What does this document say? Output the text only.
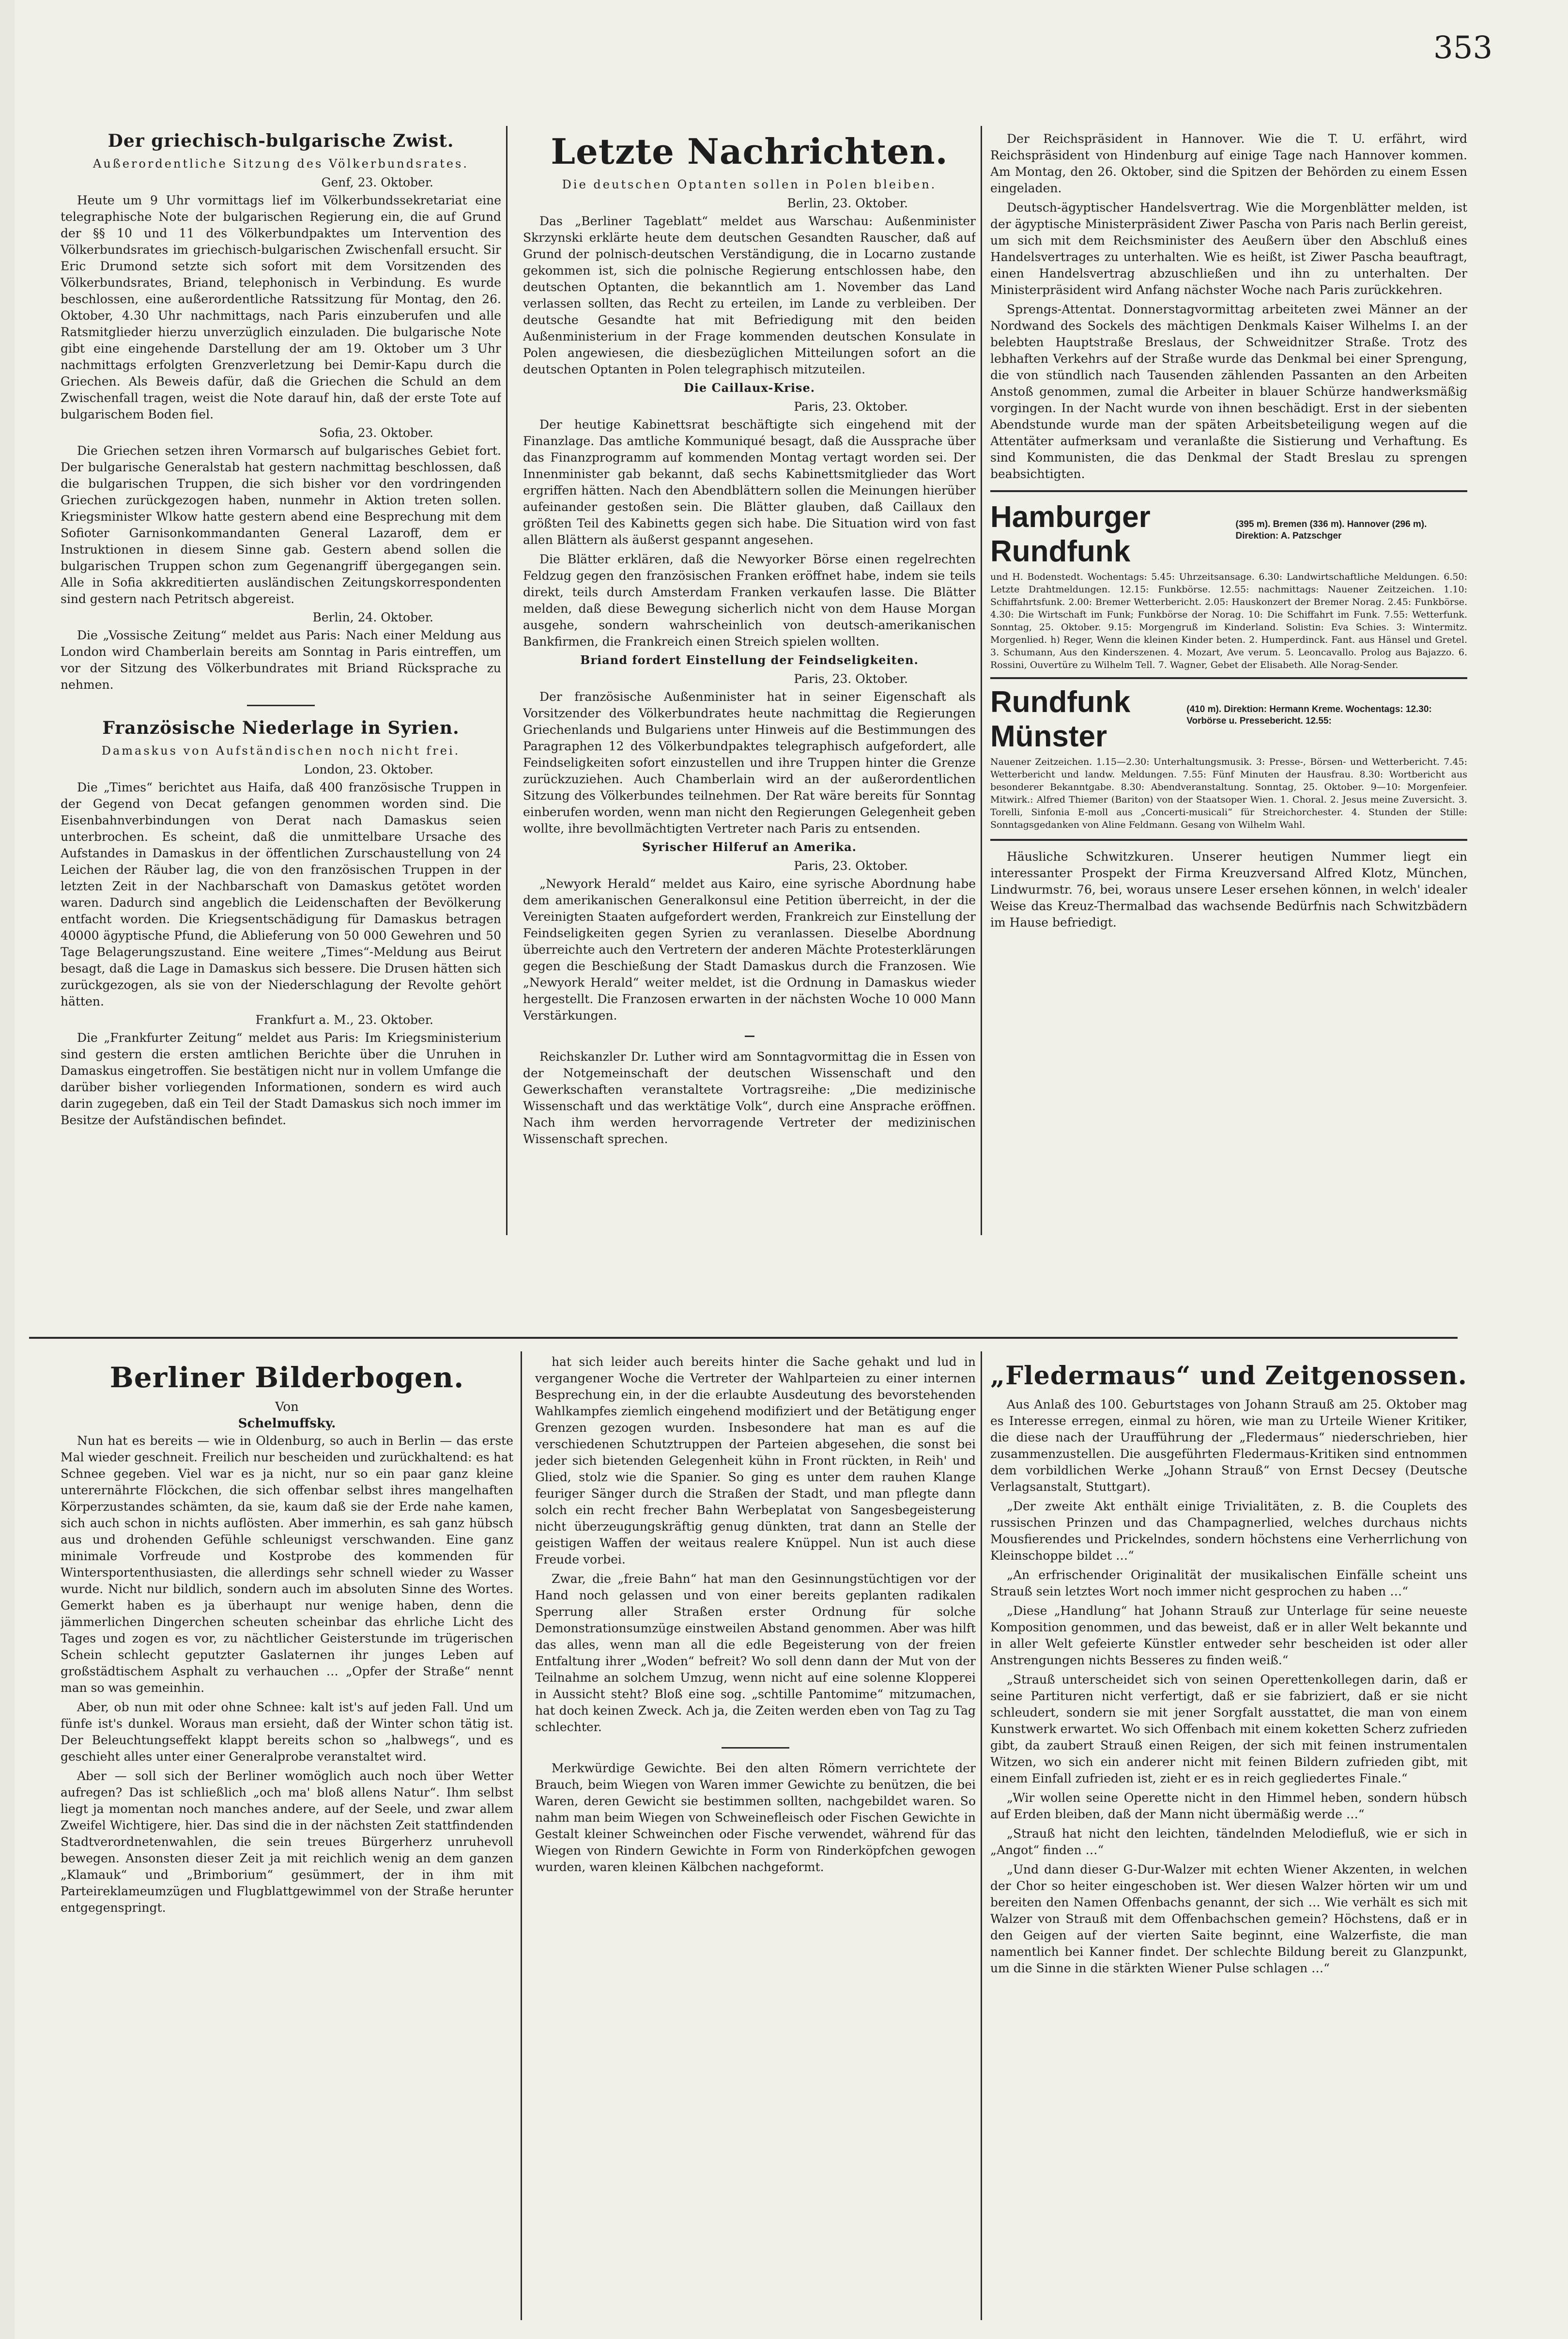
353
Der griechisch-bulgarische Zwist.
Außerordentliche Sitzung des Völkerbundsrates.
Genf, 23. Oktober.

Heute um 9 Uhr vormittags lief im Völkerbundssekretariat eine telegraphische Note der bulgarischen Regierung ein, die auf Grund der §§ 10 und 11 des Völkerbundpaktes um Intervention des Völkerbundsrates im griechisch-bulgarischen Zwischenfall ersucht. Sir Eric Drumond setzte sich sofort mit dem Vorsitzenden des Völkerbundsrates, Briand, telephonisch in Verbindung. Es wurde beschlossen, eine außerordentliche Ratssitzung für Montag, den 26. Oktober, 4.30 Uhr nachmittags, nach Paris einzuberufen und alle Ratsmitglieder hierzu unverzüglich einzuladen. Die bulgarische Note gibt eine eingehende Darstellung der am 19. Oktober um 3 Uhr nachmittags erfolgten Grenzverletzung bei Demir-Kapu durch die Griechen. Als Beweis dafür, daß die Griechen die Schuld an dem Zwischenfall tragen, weist die Note darauf hin, daß der erste Tote auf bulgarischem Boden fiel.

Sofia, 23. Oktober.

Die Griechen setzen ihren Vormarsch auf bulgarisches Gebiet fort. Der bulgarische Generalstab hat gestern nachmittag beschlossen, daß die bulgarischen Truppen, die sich bisher vor den vordringenden Griechen zurückgezogen haben, nunmehr in Aktion treten sollen. Kriegsminister Wlkow hatte gestern abend eine Besprechung mit dem Sofioter Garnisonkommandanten General Lazaroff, dem er Instruktionen in diesem Sinne gab. Gestern abend sollen die bulgarischen Truppen schon zum Gegenangriff übergegangen sein. Alle in Sofia akkreditierten ausländischen Zeitungskorrespondenten sind gestern nach Petritsch abgereist.

Berlin, 24. Oktober.

Die „Vossische Zeitung“ meldet aus Paris: Nach einer Meldung aus London wird Chamberlain bereits am Sonntag in Paris eintreffen, um vor der Sitzung des Völkerbundrates mit Briand Rücksprache zu nehmen.

Französische Niederlage in Syrien.
Damaskus von Aufständischen noch nicht frei.
London, 23. Oktober.

Die „Times“ berichtet aus Haifa, daß 400 französische Truppen in der Gegend von Decat gefangen genommen worden sind. Die Eisenbahnverbindungen von Derat nach Damaskus seien unterbrochen. Es scheint, daß die unmittelbare Ursache des Aufstandes in Damaskus in der öffentlichen Zurschaustellung von 24 Leichen der Räuber lag, die von den französischen Truppen in der letzten Zeit in der Nachbarschaft von Damaskus getötet worden waren. Dadurch sind angeblich die Leidenschaften der Bevölkerung entfacht worden. Die Kriegsentschädigung für Damaskus betragen 40000 ägyptische Pfund, die Ablieferung von 50 000 Gewehren und 50 Tage Belagerungszustand. Eine weitere „Times“-Meldung aus Beirut besagt, daß die Lage in Damaskus sich bessere. Die Drusen hätten sich zurückgezogen, als sie von der Niederschlagung der Revolte gehört hätten.

Frankfurt a. M., 23. Oktober.

Die „Frankfurter Zeitung“ meldet aus Paris: Im Kriegsministerium sind gestern die ersten amtlichen Berichte über die Unruhen in Damaskus eingetroffen. Sie bestätigen nicht nur in vollem Umfange die darüber bisher vorliegenden Informationen, sondern es wird auch darin zugegeben, daß ein Teil der Stadt Damaskus sich noch immer im Besitze der Aufständischen befindet.

Letzte Nachrichten.
Die deutschen Optanten sollen in Polen bleiben.
Berlin, 23. Oktober.

Das „Berliner Tageblatt“ meldet aus Warschau: Außenminister Skrzynski erklärte heute dem deutschen Gesandten Rauscher, daß auf Grund der polnisch-deutschen Verständigung, die in Locarno zustande gekommen ist, sich die polnische Regierung entschlossen habe, den deutschen Optanten, die bekanntlich am 1. November das Land verlassen sollten, das Recht zu erteilen, im Lande zu verbleiben. Der deutsche Gesandte hat mit Befriedigung mit den beiden Außenministerium in der Frage kommenden deutschen Konsulate in Polen angewiesen, die diesbezüglichen Mitteilungen sofort an die deutschen Optanten in Polen telegraphisch mitzuteilen.

Die Caillaux-Krise.
Paris, 23. Oktober.

Der heutige Kabinettsrat beschäftigte sich eingehend mit der Finanzlage. Das amtliche Kommuniqué besagt, daß die Aussprache über das Finanzprogramm auf kommenden Montag vertagt worden sei. Der Innenminister gab bekannt, daß sechs Kabinettsmitglieder das Wort ergriffen hätten. Nach den Abendblättern sollen die Meinungen hierüber aufeinander gestoßen sein. Die Blätter glauben, daß Caillaux den größten Teil des Kabinetts gegen sich habe. Die Situation wird von fast allen Blättern als äußerst gespannt angesehen.

Die Blätter erklären, daß die Newyorker Börse einen regelrechten Feldzug gegen den französischen Franken eröffnet habe, indem sie teils direkt, teils durch Amsterdam Franken verkaufen lasse. Die Blätter melden, daß diese Bewegung sicherlich nicht von dem Hause Morgan ausgehe, sondern wahrscheinlich von deutsch-amerikanischen Bankfirmen, die Frankreich einen Streich spielen wollten.

Briand fordert Einstellung der Feindseligkeiten.
Paris, 23. Oktober.

Der französische Außenminister hat in seiner Eigenschaft als Vorsitzender des Völkerbundrates heute nachmittag die Regierungen Griechenlands und Bulgariens unter Hinweis auf die Bestimmungen des Paragraphen 12 des Völkerbundpaktes telegraphisch aufgefordert, alle Feindseligkeiten sofort einzustellen und ihre Truppen hinter die Grenze zurückzuziehen. Auch Chamberlain wird an der außerordentlichen Sitzung des Völkerbundes teilnehmen. Der Rat wäre bereits für Sonntag einberufen worden, wenn man nicht den Regierungen Gelegenheit geben wollte, ihre bevollmächtigten Vertreter nach Paris zu entsenden.

Syrischer Hilferuf an Amerika.
Paris, 23. Oktober.

„Newyork Herald“ meldet aus Kairo, eine syrische Abordnung habe dem amerikanischen Generalkonsul eine Petition überreicht, in der die Vereinigten Staaten aufgefordert werden, Frankreich zur Einstellung der Feindseligkeiten gegen Syrien zu veranlassen. Dieselbe Abordnung überreichte auch den Vertretern der anderen Mächte Protesterklärungen gegen die Beschießung der Stadt Damaskus durch die Franzosen. Wie „Newyork Herald“ weiter meldet, ist die Ordnung in Damaskus wieder hergestellt. Die Franzosen erwarten in der nächsten Woche 10 000 Mann Verstärkungen.

Reichskanzler Dr. Luther wird am Sonntagvormittag die in Essen von der Notgemeinschaft der deutschen Wissenschaft und den Gewerkschaften veranstaltete Vortragsreihe: „Die medizinische Wissenschaft und das werktätige Volk“, durch eine Ansprache eröffnen. Nach ihm werden hervorragende Vertreter der medizinischen Wissenschaft sprechen.

Der Reichspräsident in Hannover. Wie die T. U. erfährt, wird Reichspräsident von Hindenburg auf einige Tage nach Hannover kommen. Am Montag, den 26. Oktober, sind die Spitzen der Behörden zu einem Essen eingeladen.

Deutsch-ägyptischer Handelsvertrag. Wie die Morgenblätter melden, ist der ägyptische Ministerpräsident Ziwer Pascha von Paris nach Berlin gereist, um sich mit dem Reichsminister des Aeußern über den Abschluß eines Handelsvertrages zu unterhalten. Wie es heißt, ist Ziwer Pascha beauftragt, einen Handelsvertrag abzuschließen und ihn zu unterhalten. Der Ministerpräsident wird Anfang nächster Woche nach Paris zurückkehren.

Sprengs-Attentat. Donnerstagvormittag arbeiteten zwei Männer an der Nordwand des Sockels des mächtigen Denkmals Kaiser Wilhelms I. an der belebten Hauptstraße Breslaus, der Schweidnitzer Straße. Trotz des lebhaften Verkehrs auf der Straße wurde das Denkmal bei einer Sprengung, die von stündlich nach Tausenden zählenden Passanten an den Arbeiten Anstoß genommen, zumal die Arbeiter in blauer Schürze handwerksmäßig vorgingen. In der Nacht wurde von ihnen beschädigt. Erst in der siebenten Abendstunde wurde man der späten Arbeitsbeteiligung wegen auf die Attentäter aufmerksam und veranlaßte die Sistierung und Verhaftung. Es sind Kommunisten, die das Denkmal der Stadt Breslau zu sprengen beabsichtigten.

Hamburger Rundfunk
(395 m). Bremen (336 m). Hannover (296 m). Direktion: A. Patzschger

und H. Bodenstedt. Wochentags: 5.45: Uhrzeitsansage. 6.30: Landwirtschaftliche Meldungen. 6.50: Letzte Drahtmeldungen. 12.15: Funkbörse. 12.55: nachmittags: Nauener Zeitzeichen. 1.10: Schiffahrtsfunk. 2.00: Bremer Wetterbericht. 2.05: Hauskonzert der Bremer Norag. 2.45: Funkbörse. 4.30: Die Wirtschaft im Funk; Funkbörse der Norag. 10: Die Schiffahrt im Funk. 7.55: Wetterfunk. Sonntag, 25. Oktober. 9.15: Morgengruß im Kinderland. Solistin: Eva Schies. 3: Wintermitz. Morgenlied. h) Reger, Wenn die kleinen Kinder beten. 2. Humperdinck. Fant. aus Hänsel und Gretel. 3. Schumann, Aus den Kinderszenen. 4. Mozart, Ave verum. 5. Leoncavallo. Prolog aus Bajazzo. 6. Rossini, Ouvertüre zu Wilhelm Tell. 7. Wagner, Gebet der Elisabeth. Alle Norag-Sender.

Rundfunk Münster
(410 m). Direktion: Hermann Kreme. Wochentags: 12.30: Vorbörse u. Pressebericht. 12.55:

Nauener Zeitzeichen. 1.15—2.30: Unterhaltungsmusik. 3: Presse-, Börsen- und Wetterbericht. 7.45: Wetterbericht und landw. Meldungen. 7.55: Fünf Minuten der Hausfrau. 8.30: Wortbericht aus besonderer Bekanntgabe. 8.30: Abendveranstaltung. Sonntag, 25. Oktober. 9—10: Morgenfeier. Mitwirk.: Alfred Thiemer (Bariton) von der Staatsoper Wien. 1. Choral. 2. Jesus meine Zuversicht. 3. Torelli, Sinfonia E-moll aus „Concerti-musicali“ für Streichorchester. 4. Stunden der Stille: Sonntagsgedanken von Aline Feldmann. Gesang von Wilhelm Wahl.

Häusliche Schwitzkuren. Unserer heutigen Nummer liegt ein interessanter Prospekt der Firma Kreuzversand Alfred Klotz, München, Lindwurmstr. 76, bei, woraus unsere Leser ersehen können, in welch' idealer Weise das Kreuz-Thermalbad das wachsende Bedürfnis nach Schwitzbädern im Hause befriedigt.

Berliner Bilderbogen.
Von
Schelmuffsky.

Nun hat es bereits — wie in Oldenburg, so auch in Berlin — das erste Mal wieder geschneit. Freilich nur bescheiden und zurückhaltend: es hat Schnee gegeben. Viel war es ja nicht, nur so ein paar ganz kleine unterernährte Flöckchen, die sich offenbar selbst ihres mangelhaften Körperzustandes schämten, da sie, kaum daß sie der Erde nahe kamen, sich auch schon in nichts auflösten. Aber immerhin, es sah ganz hübsch aus und drohenden Gefühle schleunigst verschwanden. Eine ganz minimale Vorfreude und Kostprobe des kommenden für Wintersportenthusiasten, die allerdings sehr schnell wieder zu Wasser wurde. Nicht nur bildlich, sondern auch im absoluten Sinne des Wortes. Gemerkt haben es ja überhaupt nur wenige haben, denn die jämmerlichen Dingerchen scheuten scheinbar das ehrliche Licht des Tages und zogen es vor, zu nächtlicher Geisterstunde im trügerischen Schein schlecht geputzter Gaslaternen ihr junges Leben auf großstädtischem Asphalt zu verhauchen … „Opfer der Straße“ nennt man so was gemeinhin.

Aber, ob nun mit oder ohne Schnee: kalt ist's auf jeden Fall. Und um fünfe ist's dunkel. Woraus man ersieht, daß der Winter schon tätig ist. Der Beleuchtungseffekt klappt bereits schon so „halbwegs“, und es geschieht alles unter einer Generalprobe veranstaltet wird.

Aber — soll sich der Berliner womöglich auch noch über Wetter aufregen? Das ist schließlich „och ma' bloß allens Natur“. Ihm selbst liegt ja momentan noch manches andere, auf der Seele, und zwar allem Zweifel Wichtigere, hier. Das sind die in der nächsten Zeit stattfindenden Stadtverordnetenwahlen, die sein treues Bürgerherz unruhevoll bewegen. Ansonsten dieser Zeit ja mit reichlich wenig an dem ganzen „Klamauk“ und „Brimborium“ gesümmert, der in ihm mit Parteireklameumzügen und Flugblattgewimmel von der Straße herunter entgegenspringt.

hat sich leider auch bereits hinter die Sache gehakt und lud in vergangener Woche die Vertreter der Wahlparteien zu einer internen Besprechung ein, in der die erlaubte Ausdeutung des bevorstehenden Wahlkampfes ziemlich eingehend modifiziert und der Betätigung enger Grenzen gezogen wurden. Insbesondere hat man es auf die verschiedenen Schutztruppen der Parteien abgesehen, die sonst bei jeder sich bietenden Gelegenheit kühn in Front rückten, in Reih' und Glied, stolz wie die Spanier. So ging es unter dem rauhen Klange feuriger Sänger durch die Straßen der Stadt, und man pflegte dann solch ein recht frecher Bahn Werbeplatat von Sangesbegeisterung nicht überzeugungskräftig genug dünkten, trat dann an Stelle der geistigen Waffen der weitaus realere Knüppel. Nun ist auch diese Freude vorbei.

Zwar, die „freie Bahn“ hat man den Gesinnungstüchtigen vor der Hand noch gelassen und von einer bereits geplanten radikalen Sperrung aller Straßen erster Ordnung für solche Demonstrationsumzüge einstweilen Abstand genommen. Aber was hilft das alles, wenn man all die edle Begeisterung von der freien Entfaltung ihrer „Woden“ befreit? Wo soll denn dann der Mut von der Teilnahme an solchem Umzug, wenn nicht auf eine solenne Klopperei in Aussicht steht? Bloß eine sog. „schtille Pantomime“ mitzumachen, hat doch keinen Zweck. Ach ja, die Zeiten werden eben von Tag zu Tag schlechter.

Merkwürdige Gewichte. Bei den alten Römern verrichtete der Brauch, beim Wiegen von Waren immer Gewichte zu benützen, die bei Waren, deren Gewicht sie bestimmen sollten, nachgebildet waren. So nahm man beim Wiegen von Schweinefleisch oder Fischen Gewichte in Gestalt kleiner Schweinchen oder Fische verwendet, während für das Wiegen von Rindern Gewichte in Form von Rinderköpfchen gewogen wurden, waren kleinen Kälbchen nachgeformt.

„Fledermaus“ und Zeitgenossen.

Aus Anlaß des 100. Geburtstages von Johann Strauß am 25. Oktober mag es Interesse erregen, einmal zu hören, wie man zu Urteile Wiener Kritiker, die diese nach der Uraufführung der „Fledermaus“ niederschrieben, hier zusammenzustellen. Die ausgeführten Fledermaus-Kritiken sind entnommen dem vorbildlichen Werke „Johann Strauß“ von Ernst Decsey (Deutsche Verlagsanstalt, Stuttgart).

„Der zweite Akt enthält einige Trivialitäten, z. B. die Couplets des russischen Prinzen und das Champagnerlied, welches durchaus nichts Mousfierendes und Prickelndes, sondern höchstens eine Verherrlichung von Kleinschoppe bildet …“

„An erfrischender Originalität der musikalischen Einfälle scheint uns Strauß sein letztes Wort noch immer nicht gesprochen zu haben …“

„Diese „Handlung“ hat Johann Strauß zur Unterlage für seine neueste Komposition genommen, und das beweist, daß er in aller Welt bekannte und in aller Welt gefeierte Künstler entweder sehr bescheiden ist oder aller Anstrengungen nichts Besseres zu finden weiß.“

„Strauß unterscheidet sich von seinen Operettenkollegen darin, daß er seine Partituren nicht verfertigt, daß er sie fabriziert, daß er sie nicht schleudert, sondern sie mit jener Sorgfalt ausstattet, die man von einem Kunstwerk erwartet. Wo sich Offenbach mit einem koketten Scherz zufrieden gibt, da zaubert Strauß einen Reigen, der sich mit feinen instrumentalen Witzen, wo sich ein anderer nicht mit feinen Bildern zufrieden gibt, mit einem Einfall zufrieden ist, zieht er es in reich gegliedertes Finale.“

„Wir wollen seine Operette nicht in den Himmel heben, sondern hübsch auf Erden bleiben, daß der Mann nicht übermäßig werde …“

„Strauß hat nicht den leichten, tändelnden Melodiefluß, wie er sich in „Angot“ finden …“

„Und dann dieser G-Dur-Walzer mit echten Wiener Akzenten, in welchen der Chor so heiter eingeschoben ist. Wer diesen Walzer hörten wir um und bereiten den Namen Offenbachs genannt, der sich … Wie verhält es sich mit Walzer von Strauß mit dem Offenbachschen gemein? Höchstens, daß er in den Geigen auf der vierten Saite beginnt, eine Walzerfiste, die man namentlich bei Kanner findet. Der schlechte Bildung bereit zu Glanzpunkt, um die Sinne in die stärkten Wiener Pulse schlagen …“
